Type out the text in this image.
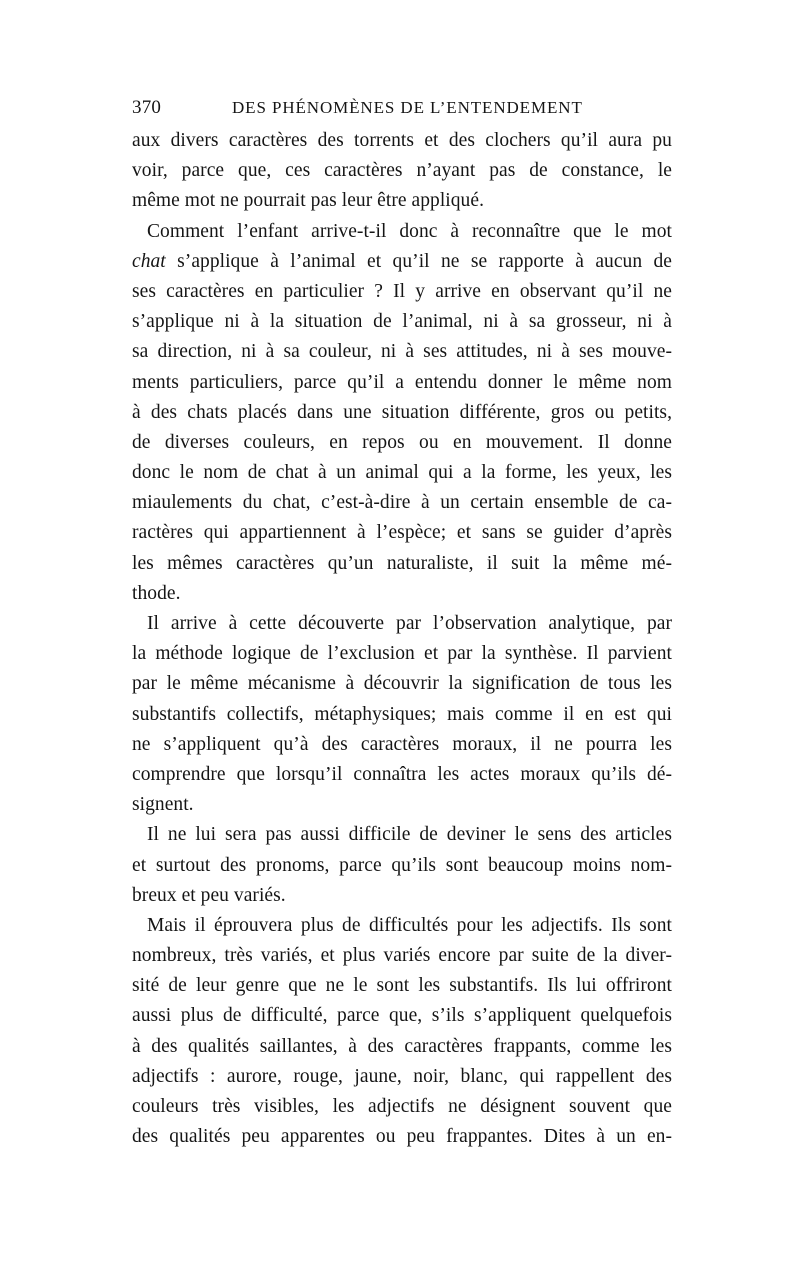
370	DES PHÉNOMÈNES DE L’ENTENDEMENT
aux divers caractères des torrents et des clochers qu’il aura pu
voir, parce que, ces caractères n’ayant pas de constance, le
même mot ne pourrait pas leur être appliqué.
Comment l’enfant arrive-t-il donc à reconnaître que le mot
chat s’applique à l’animal et qu’il ne se rapporte à aucun de
ses caractères en particulier ? Il y arrive en observant qu’il ne
s’applique ni à la situation de l’animal, ni à sa grosseur, ni à
sa direction, ni à sa couleur, ni à ses attitudes, ni à ses mouve-
ments particuliers, parce qu’il a entendu donner le même nom
à des chats placés dans une situation différente, gros ou petits,
de diverses couleurs, en repos ou en mouvement. Il donne
donc le nom de chat à un animal qui a la forme, les yeux, les
miaulements du chat, c’est-à-dire à un certain ensemble de ca-
ractères qui appartiennent à l’espèce; et sans se guider d’après
les mêmes caractères qu’un naturaliste, il suit la même mé-
thode.
Il arrive à cette découverte par l’observation analytique, par
la méthode logique de l’exclusion et par la synthèse. Il parvient
par le même mécanisme à découvrir la signification de tous les
substantifs collectifs, métaphysiques; mais comme il en est qui
ne s’appliquent qu’à des caractères moraux, il ne pourra les
comprendre que lorsqu’il connaîtra les actes moraux qu’ils dé-
signent.
Il ne lui sera pas aussi difficile de deviner le sens des articles
et surtout des pronoms, parce qu’ils sont beaucoup moins nom-
breux et peu variés.
Mais il éprouvera plus de difficultés pour les adjectifs. Ils sont
nombreux, très variés, et plus variés encore par suite de la diver-
sité de leur genre que ne le sont les substantifs. Ils lui offriront
aussi plus de difficulté, parce que, s’ils s’appliquent quelquefois
à des qualités saillantes, à des caractères frappants, comme les
adjectifs : aurore, rouge, jaune, noir, blanc, qui rappellent des
couleurs très visibles, les adjectifs ne désignent souvent que
des qualités peu apparentes ou peu frappantes. Dites à un en-
